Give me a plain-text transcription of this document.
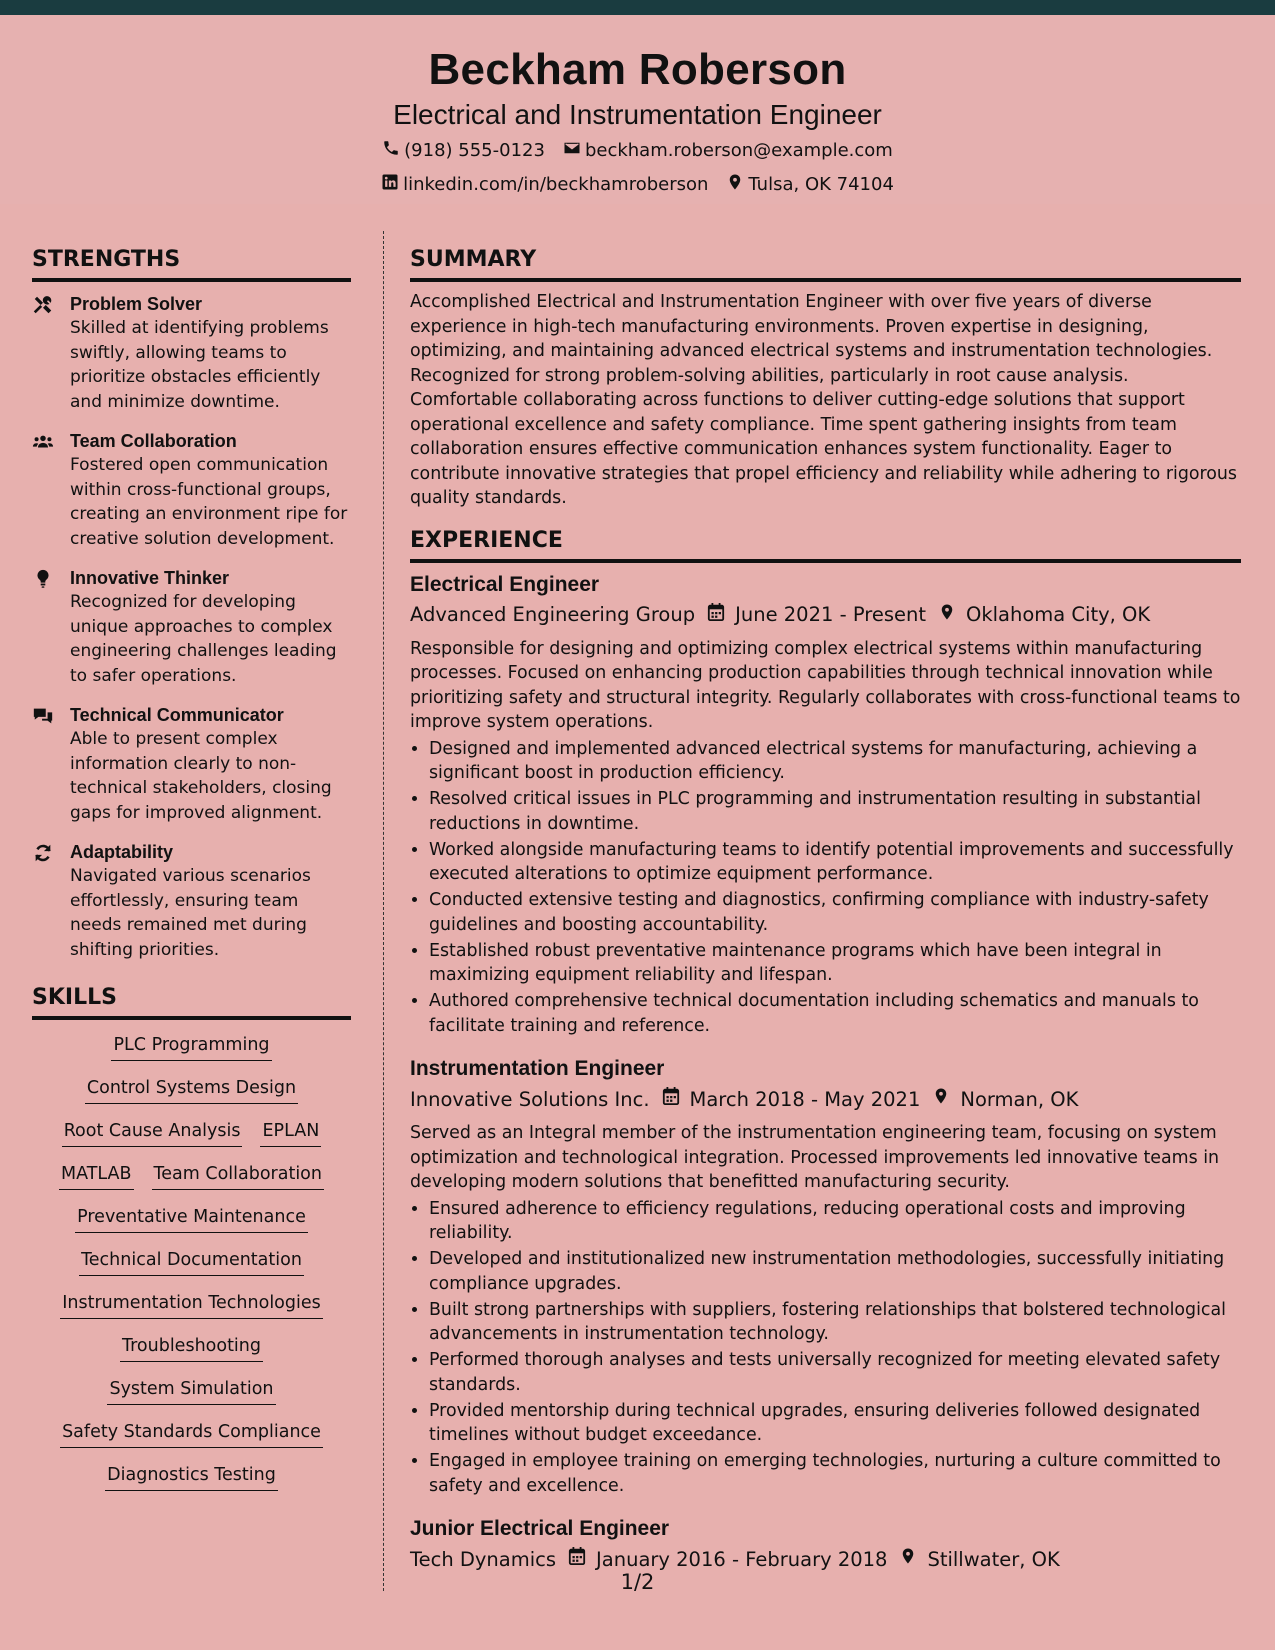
Beckham Roberson
Electrical and Instrumentation Engineer
(918) 555-0123 beckham.roberson@example.com
linkedin.com/in/beckhamroberson Tulsa, OK 74104
STRENGTHS
Problem Solver
Skilled at identifying problems swiftly, allowing teams to prioritize obstacles efficiently and minimize downtime.
Team Collaboration
Fostered open communication within cross-functional groups, creating an environment ripe for creative solution development.
Innovative Thinker
Recognized for developing unique approaches to complex engineering challenges leading to safer operations.
Technical Communicator
Able to present complex information clearly to non-technical stakeholders, closing gaps for improved alignment.
Adaptability
Navigated various scenarios effortlessly, ensuring team needs remained met during shifting priorities.
SKILLS
PLC Programming
Control Systems Design
Root Cause Analysis EPLAN
MATLAB Team Collaboration
Preventative Maintenance
Technical Documentation
Instrumentation Technologies
Troubleshooting
System Simulation
Safety Standards Compliance
Diagnostics Testing
SUMMARY
Accomplished Electrical and Instrumentation Engineer with over five years of diverse experience in high-tech manufacturing environments. Proven expertise in designing, optimizing, and maintaining advanced electrical systems and instrumentation technologies. Recognized for strong problem-solving abilities, particularly in root cause analysis. Comfortable collaborating across functions to deliver cutting-edge solutions that support operational excellence and safety compliance. Time spent gathering insights from team collaboration ensures effective communication enhances system functionality. Eager to contribute innovative strategies that propel efficiency and reliability while adhering to rigorous quality standards.
EXPERIENCE
Electrical Engineer
Advanced Engineering Group June 2021 - Present Oklahoma City, OK
Responsible for designing and optimizing complex electrical systems within manufacturing processes. Focused on enhancing production capabilities through technical innovation while prioritizing safety and structural integrity. Regularly collaborates with cross-functional teams to improve system operations.
• Designed and implemented advanced electrical systems for manufacturing, achieving a significant boost in production efficiency.
• Resolved critical issues in PLC programming and instrumentation resulting in substantial reductions in downtime.
• Worked alongside manufacturing teams to identify potential improvements and successfully executed alterations to optimize equipment performance.
• Conducted extensive testing and diagnostics, confirming compliance with industry-safety guidelines and boosting accountability.
• Established robust preventative maintenance programs which have been integral in maximizing equipment reliability and lifespan.
• Authored comprehensive technical documentation including schematics and manuals to facilitate training and reference.
Instrumentation Engineer
Innovative Solutions Inc. March 2018 - May 2021 Norman, OK
Served as an Integral member of the instrumentation engineering team, focusing on system optimization and technological integration. Processed improvements led innovative teams in developing modern solutions that benefitted manufacturing security.
• Ensured adherence to efficiency regulations, reducing operational costs and improving reliability.
• Developed and institutionalized new instrumentation methodologies, successfully initiating compliance upgrades.
• Built strong partnerships with suppliers, fostering relationships that bolstered technological advancements in instrumentation technology.
• Performed thorough analyses and tests universally recognized for meeting elevated safety standards.
• Provided mentorship during technical upgrades, ensuring deliveries followed designated timelines without budget exceedance.
• Engaged in employee training on emerging technologies, nurturing a culture committed to safety and excellence.
Junior Electrical Engineer
Tech Dynamics January 2016 - February 2018 Stillwater, OK
1/2
